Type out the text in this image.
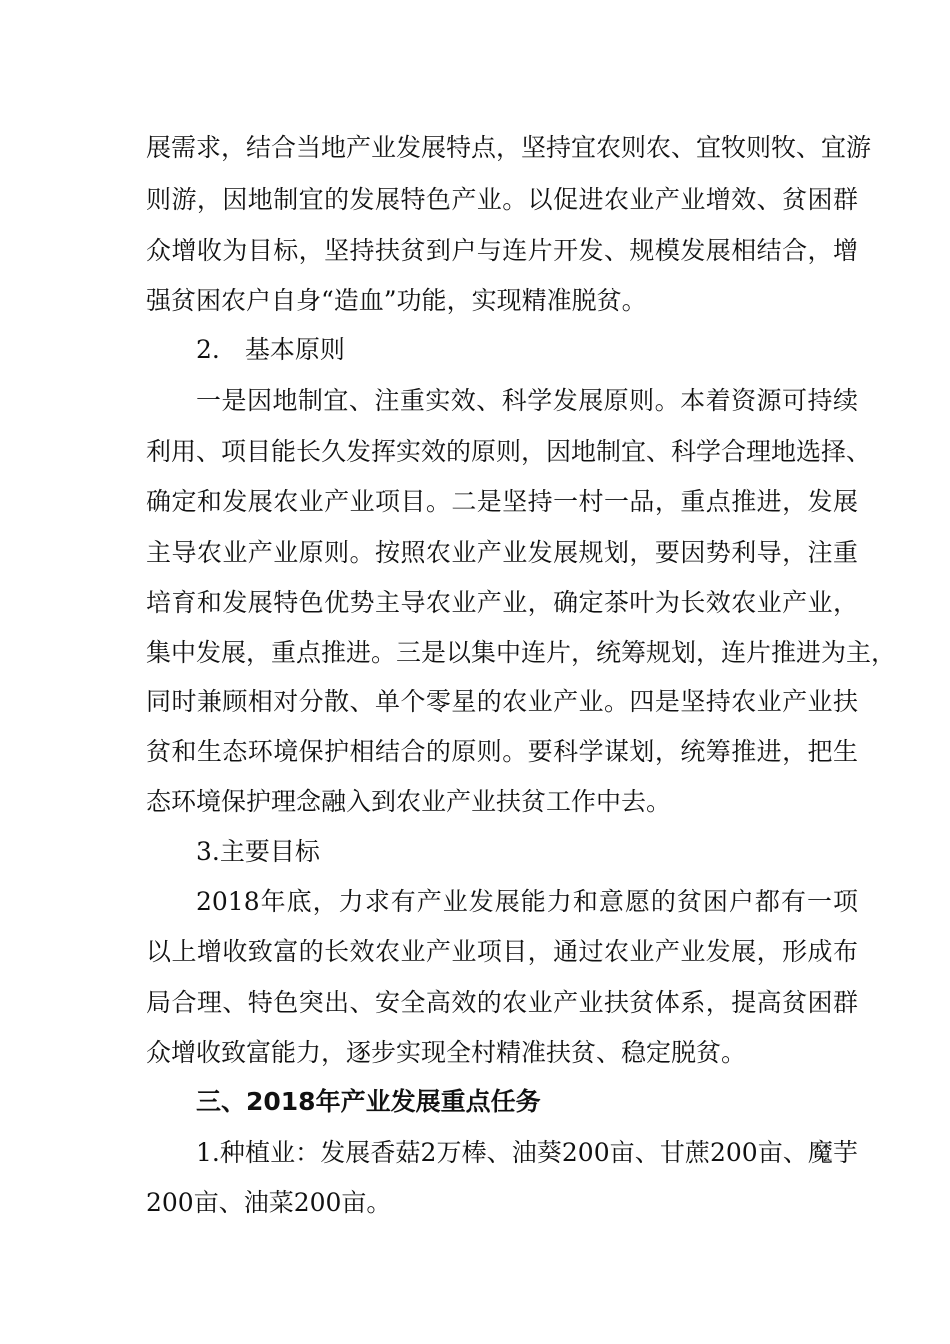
展需求，结合当地产业发展特点，坚持宜农则农、宜牧则牧、宜游
则游，因地制宜的发展特色产业。以促进农业产业增效、贫困群
众增收为目标，坚持扶贫到户与连片开发、规模发展相结合，增
强贫困农户自身“造血”功能，实现精准脱贫。
2.　基本原则
一是因地制宜、注重实效、科学发展原则。本着资源可持续
利用、项目能长久发挥实效的原则，因地制宜、科学合理地选择、
确定和发展农业产业项目。二是坚持一村一品，重点推进，发展
主导农业产业原则。按照农业产业发展规划，要因势利导，注重
培育和发展特色优势主导农业产业，确定茶叶为长效农业产业，
集中发展，重点推进。三是以集中连片，统筹规划，连片推进为主，
同时兼顾相对分散、单个零星的农业产业。四是坚持农业产业扶
贫和生态环境保护相结合的原则。要科学谋划，统筹推进，把生
态环境保护理念融入到农业产业扶贫工作中去。
3.主要目标
2018年底，力求有产业发展能力和意愿的贫困户都有一项
以上增收致富的长效农业产业项目，通过农业产业发展，形成布
局合理、特色突出、安全高效的农业产业扶贫体系，提高贫困群
众增收致富能力，逐步实现全村精准扶贫、稳定脱贫。
三、2018年产业发展重点任务
1.种植业：发展香菇2万棒、油葵200亩、甘蔗200亩、魔芋
200亩、油菜200亩。
